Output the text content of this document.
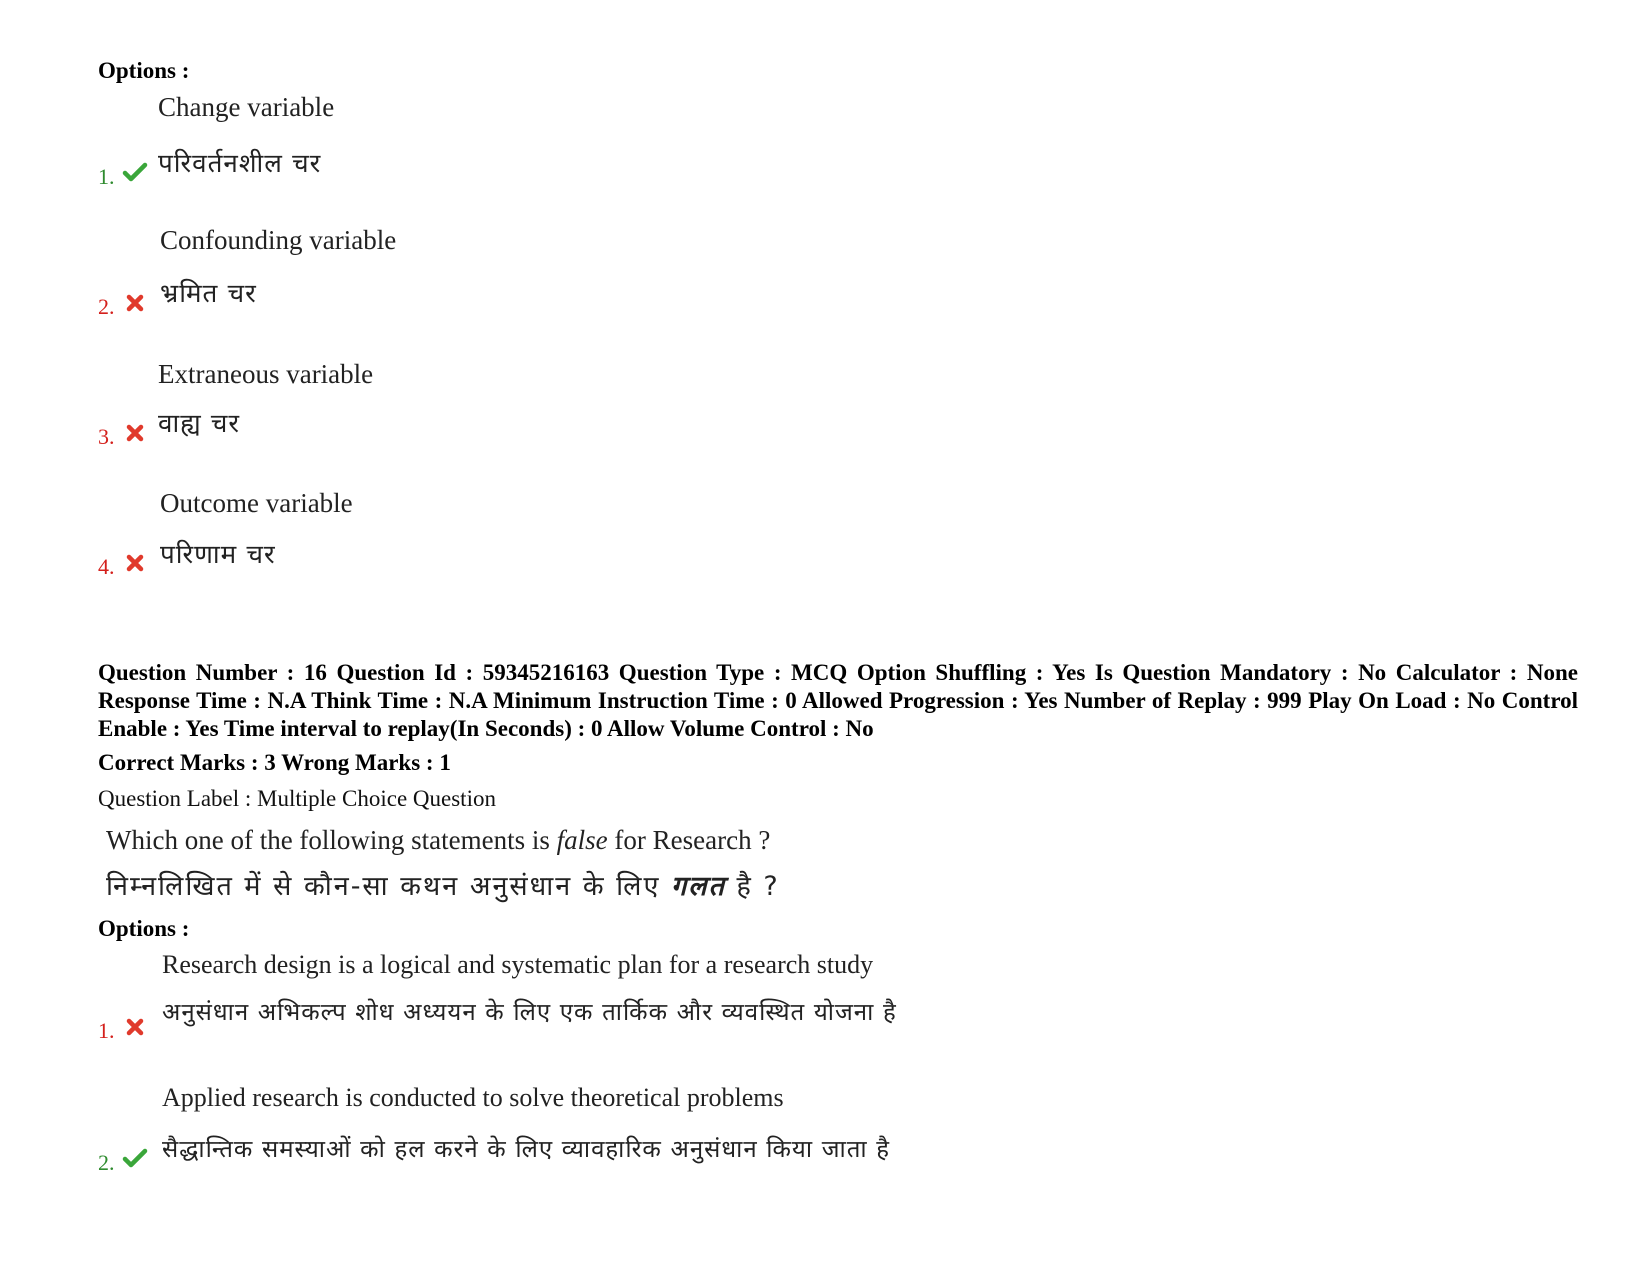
Options :
Change variable
परिवर्तनशील चर
1.
Confounding variable
भ्रमित चर
2.
Extraneous variable
वाह्य चर
3.
Outcome variable
परिणाम चर
4.
Question Number : 16 Question Id : 59345216163 Question Type : MCQ Option Shuffling : Yes Is Question Mandatory : No Calculator : None Response Time : N.A Think Time : N.A Minimum Instruction Time : 0 Allowed Progression : Yes Number of Replay : 999 Play On Load : No Control Enable : Yes Time interval to replay(In Seconds) : 0 Allow Volume Control : No
Correct Marks : 3 Wrong Marks : 1
Question Label : Multiple Choice Question
Which one of the following statements is false for Research ?
निम्नलिखित में से कौन-सा कथन अनुसंधान के लिए गलत है ?
Options :
Research design is a logical and systematic plan for a research study
अनुसंधान अभिकल्प शोध अध्ययन के लिए एक तार्किक और व्यवस्थित योजना है
1.
Applied research is conducted to solve theoretical problems
सैद्धान्तिक समस्याओं को हल करने के लिए व्यावहारिक अनुसंधान किया जाता है
2.
